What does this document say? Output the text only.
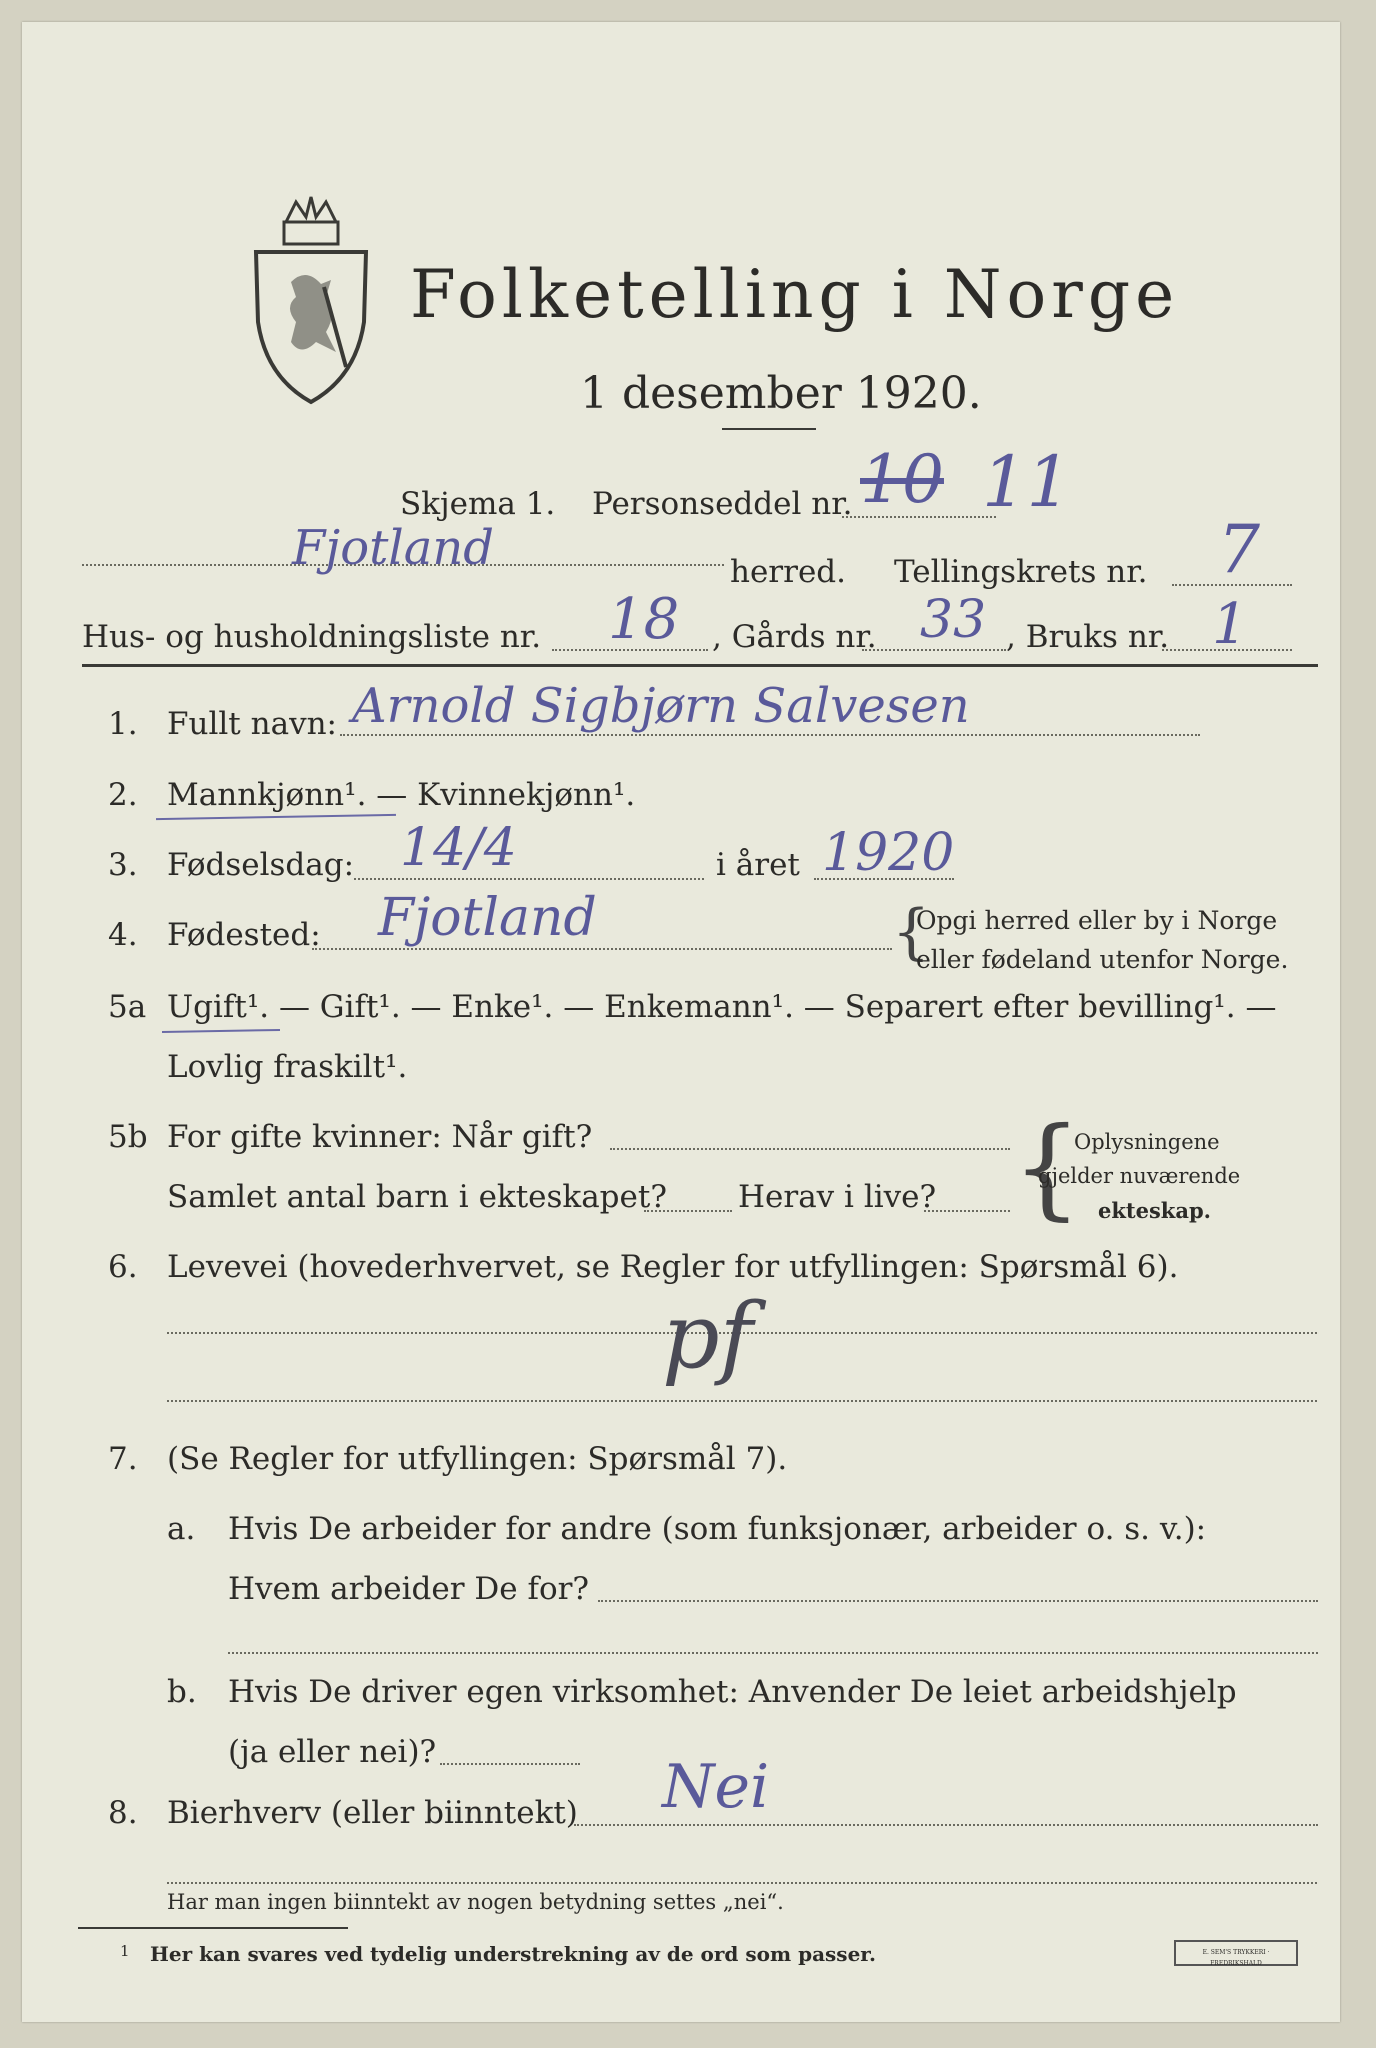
Folketelling i Norge
1 desember 1920.
Skjema 1. Personseddel nr. 10 11
Fjotland	herred. Tellingskrets nr. 7
Hus- og husholdningsliste nr. 18 , Gårds nr. 33 , Bruks nr. 1
1. Fullt navn: Arnold Sigbjørn Salvesen
2. Mannkjønn¹. — Kvinnekjønn¹.
3. Fødselsdag: 14/4	i året 1920
4. Fødested: Fjotland	{
Opgi herred eller by i Norge
eller fødeland utenfor Norge.
5a Ugift¹. — Gift¹. — Enke¹. — Enkemann¹. — Separert efter bevilling¹. —
Lovlig fraskilt¹.
5b For gifte kvinner: Når gift?
Samlet antal barn i ekteskapet? Herav i live? {
Oplysningene
gjelder nuværende
ekteskap.
6. Levevei (hovederhvervet, se Regler for utfyllingen: Spørsmål 6).
pf
7. (Se Regler for utfyllingen: Spørsmål 7).
a. Hvis De arbeider for andre (som funksjonær, arbeider o. s. v.):
Hvem arbeider De for?
b. Hvis De driver egen virksomhet: Anvender De leiet arbeidshjelp
(ja eller nei)?
8. Bierhverv (eller biinntekt) Nei
Har man ingen biinntekt av nogen betydning settes „nei“.
1 Her kan svares ved tydelig understrekning av de ord som passer.	E. SEM'S TRYKKERI · FREDRIKSHALD
